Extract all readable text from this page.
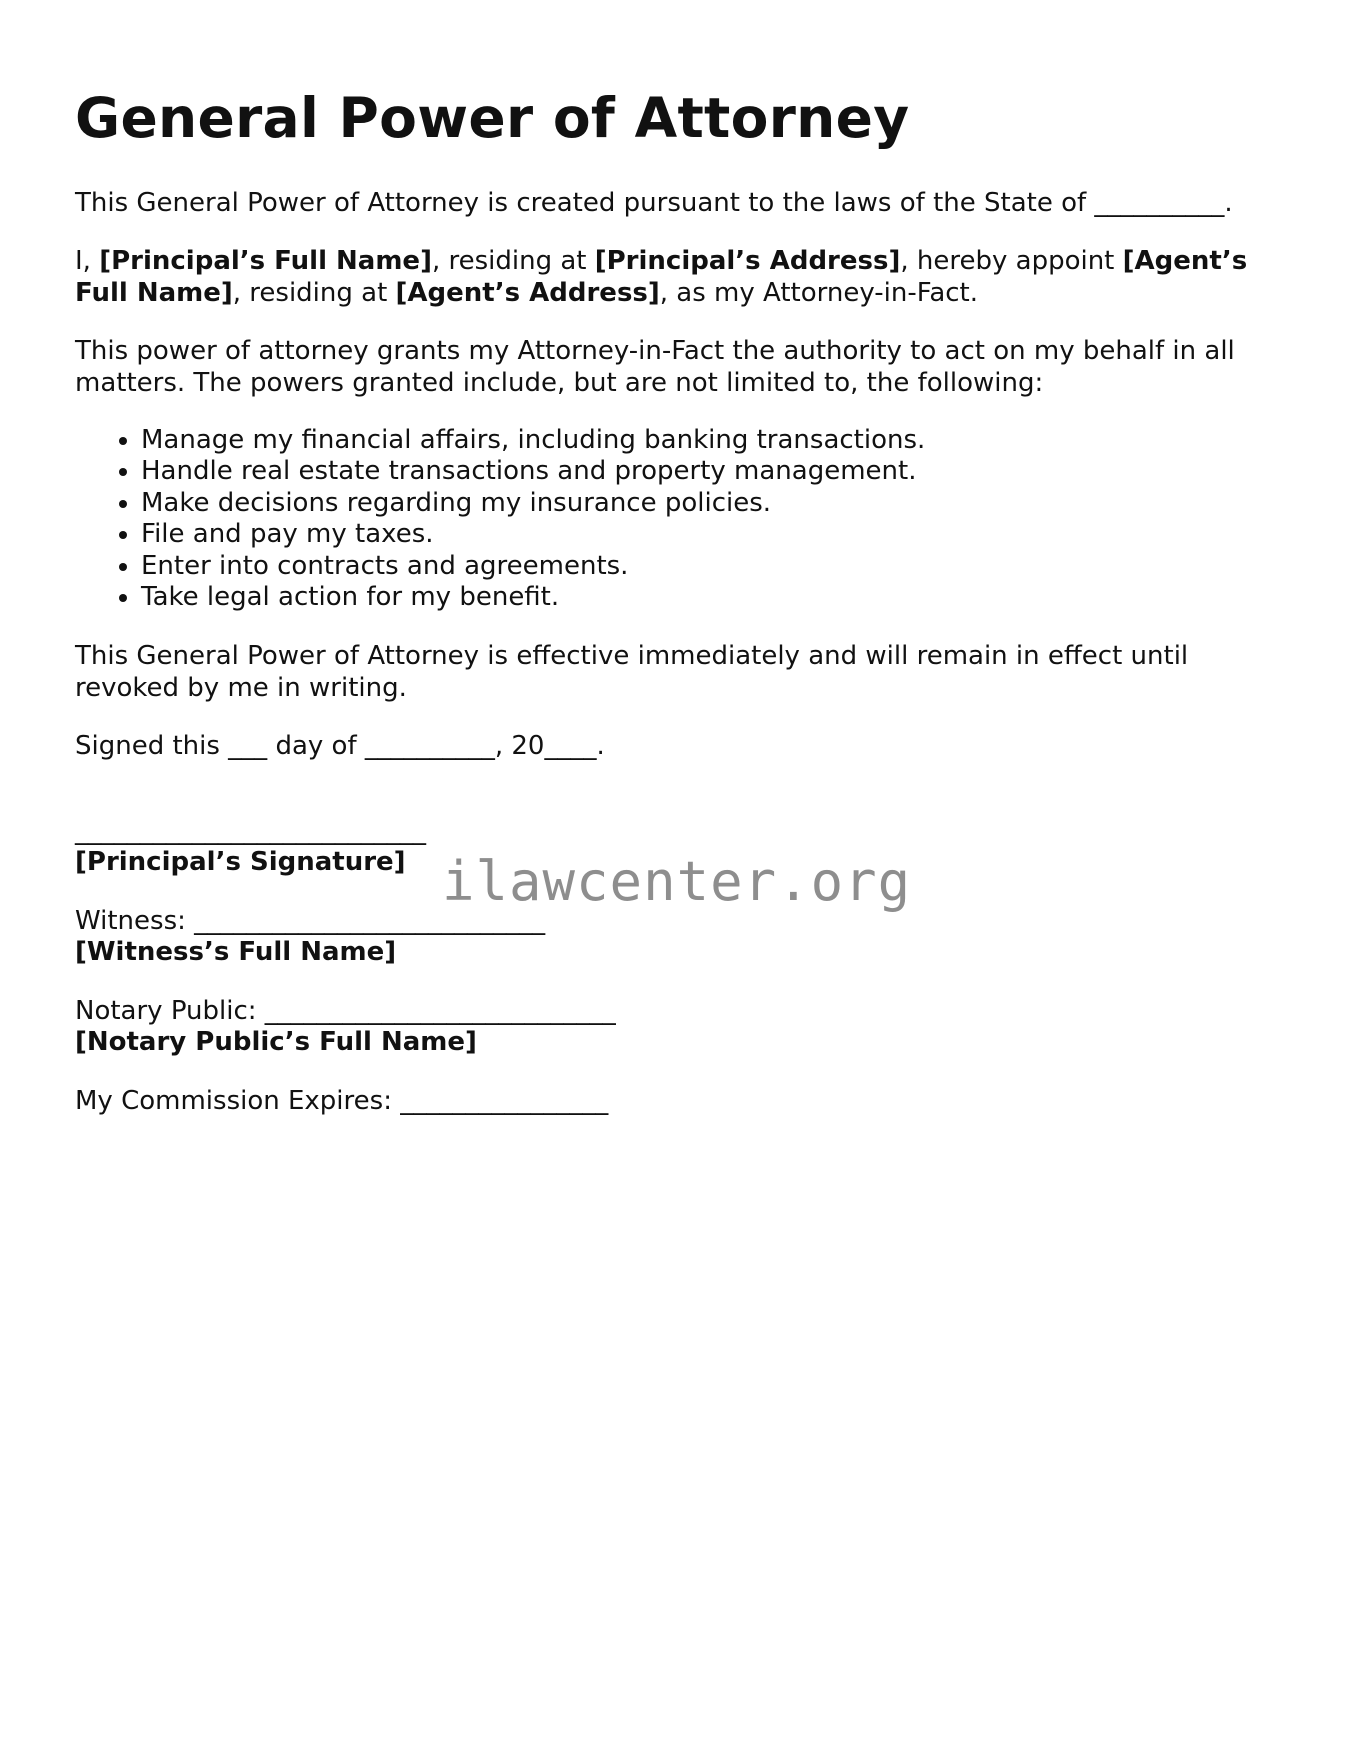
General Power of Attorney

This General Power of Attorney is created pursuant to the laws of the State of __________.

I, [Principal’s Full Name], residing at [Principal’s Address], hereby appoint [Agent’s Full Name], residing at [Agent’s Address], as my Attorney-in-Fact.

This power of attorney grants my Attorney-in-Fact the authority to act on my behalf in all matters. The powers granted include, but are not limited to, the following:

• Manage my financial affairs, including banking transactions.
• Handle real estate transactions and property management.
• Make decisions regarding my insurance policies.
• File and pay my taxes.
• Enter into contracts and agreements.
• Take legal action for my benefit.

This General Power of Attorney is effective immediately and will remain in effect until revoked by me in writing.

Signed this ___ day of __________, 20____.

___________________________
[Principal’s Signature]
Witness: ___________________________
[Witness’s Full Name]
Notary Public: ___________________________
[Notary Public’s Full Name]
My Commission Expires: ________________
ilawcenter.org
